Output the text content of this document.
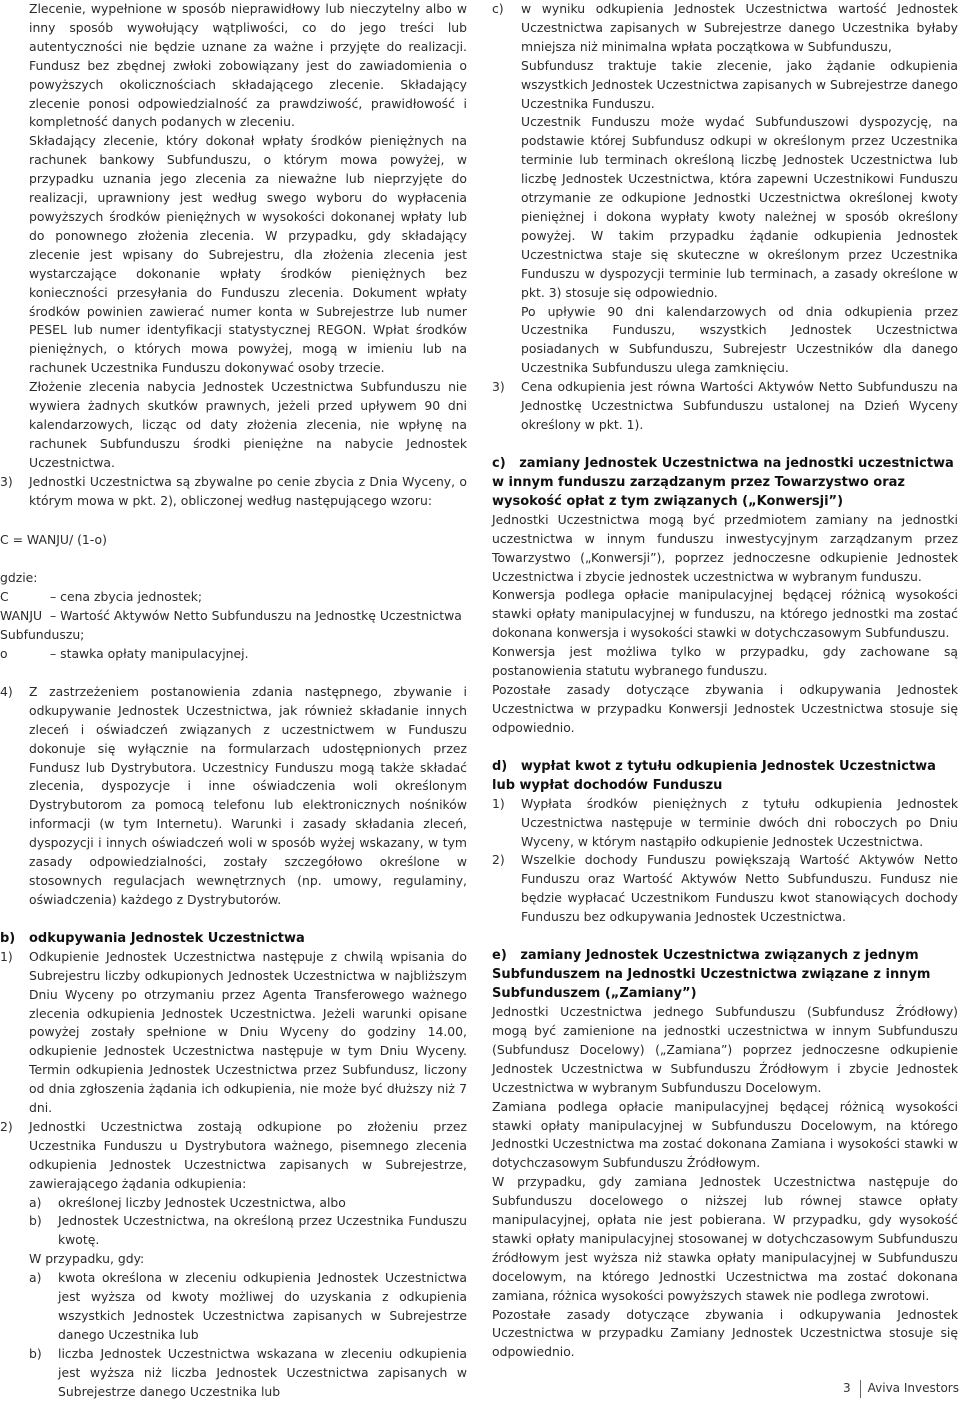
Zlecenie, wypełnione w sposób nieprawidłowy lub nieczytelny albo w inny sposób wywołujący wątpliwości, co do jego treści lub autentyczności nie będzie uznane za ważne i przyjęte do realizacji. Fundusz bez zbędnej zwłoki zobowiązany jest do zawiadomienia o powyższych okolicznościach składającego zlecenie. Składający zlecenie ponosi odpowiedzialność za prawdziwość, prawidłowość i kompletność danych podanych w zleceniu.

Składający zlecenie, który dokonał wpłaty środków pieniężnych na rachunek bankowy Subfunduszu, o którym mowa powyżej, w przypadku uznania jego zlecenia za nieważne lub nieprzyjęte do realizacji, uprawniony jest według swego wyboru do wypłacenia powyższych środków pieniężnych w wysokości dokonanej wpłaty lub do ponownego złożenia zlecenia. W przypadku, gdy składający zlecenie jest wpisany do Subrejestru, dla złożenia zlecenia jest wystarczające dokonanie wpłaty środków pieniężnych bez konieczności przesyłania do Funduszu zlecenia. Dokument wpłaty środków powinien zawierać numer konta w Subrejestrze lub numer PESEL lub numer identyfikacji statystycznej REGON. Wpłat środków pieniężnych, o których mowa powyżej, mogą w imieniu lub na rachunek Uczestnika Funduszu dokonywać osoby trzecie.

Złożenie zlecenia nabycia Jednostek Uczestnictwa Subfunduszu nie wywiera żadnych skutków prawnych, jeżeli przed upływem 90 dni kalendarzowych, licząc od daty złożenia zlecenia, nie wpłynę na rachunek Subfunduszu środki pieniężne na nabycie Jednostek Uczestnictwa.

3) Jednostki Uczestnictwa są zbywalne po cenie zbycia z Dnia Wyceny, o którym mowa w pkt. 2), obliczonej według następującego wzoru:

C = WANJU/ (1-o)

gdzie:

C	– cena zbycia jednostek;
WANJU – Wartość Aktywów Netto Subfunduszu na Jednostkę Uczestnictwa Subfunduszu;
o	– stawka opłaty manipulacyjnej.
4) Z zastrzeżeniem postanowienia zdania następnego, zbywanie i odkupywanie Jednostek Uczestnictwa, jak również składanie innych zleceń i oświadczeń związanych z uczestnictwem w Funduszu dokonuje się wyłącznie na formularzach udostępnionych przez Fundusz lub Dystrybutora. Uczestnicy Funduszu mogą także składać zlecenia, dyspozycje i inne oświadczenia woli określonym Dystrybutorom za pomocą telefonu lub elektronicznych nośników informacji (w tym Internetu). Warunki i zasady składania zleceń, dyspozycji i innych oświadczeń woli w sposób wyżej wskazany, w tym zasady odpowiedzialności, zostały szczegółowo określone w stosownych regulacjach wewnętrznych (np. umowy, regulaminy, oświadczenia) każdego z Dystrybutorów.
b) odkupywania Jednostek Uczestnictwa
1) Odkupienie Jednostek Uczestnictwa następuje z chwilą wpisania do Subrejestru liczby odkupionych Jednostek Uczestnictwa w najbliższym Dniu Wyceny po otrzymaniu przez Agenta Transferowego ważnego zlecenia odkupienia Jednostek Uczestnictwa. Jeżeli warunki opisane powyżej zostały spełnione w Dniu Wyceny do godziny 14.00, odkupienie Jednostek Uczestnictwa następuje w tym Dniu Wyceny. Termin odkupienia Jednostek Uczestnictwa przez Subfundusz, liczony od dnia zgłoszenia żądania ich odkupienia, nie może być dłuższy niż 7 dni.
2) Jednostki Uczestnictwa zostają odkupione po złożeniu przez Uczestnika Funduszu u Dystrybutora ważnego, pisemnego zlecenia odkupienia Jednostek Uczestnictwa zapisanych w Subrejestrze, zawierającego żądania odkupienia:
a) określonej liczby Jednostek Uczestnictwa, albo
b) Jednostek Uczestnictwa, na określoną przez Uczestnika Funduszu kwotę.

W przypadku, gdy:

a) kwota określona w zleceniu odkupienia Jednostek Uczestnictwa jest wyższa od kwoty możliwej do uzyskania z odkupienia wszystkich Jednostek Uczestnictwa zapisanych w Subrejestrze danego Uczestnika lub
b) liczba Jednostek Uczestnictwa wskazana w zleceniu odkupienia jest wyższa niż liczba Jednostek Uczestnictwa zapisanych w Subrejestrze danego Uczestnika lub
c) w wyniku odkupienia Jednostek Uczestnictwa wartość Jednostek Uczestnictwa zapisanych w Subrejestrze danego Uczestnika byłaby mniejsza niż minimalna wpłata początkowa w Subfunduszu,

Subfundusz traktuje takie zlecenie, jako żądanie odkupienia wszystkich Jednostek Uczestnictwa zapisanych w Subrejestrze danego Uczestnika Funduszu.

Uczestnik Funduszu może wydać Subfunduszowi dyspozycję, na podstawie której Subfundusz odkupi w określonym przez Uczestnika terminie lub terminach określoną liczbę Jednostek Uczestnictwa lub liczbę Jednostek Uczestnictwa, która zapewni Uczestnikowi Funduszu otrzymanie ze odkupione Jednostki Uczestnictwa określonej kwoty pieniężnej i dokona wypłaty kwoty należnej w sposób określony powyżej. W takim przypadku żądanie odkupienia Jednostek Uczestnictwa staje się skuteczne w określonym przez Uczestnika Funduszu w dyspozycji terminie lub terminach, a zasady określone w pkt. 3) stosuje się odpowiednio.

Po upływie 90 dni kalendarzowych od dnia odkupienia przez Uczestnika Funduszu, wszystkich Jednostek Uczestnictwa posiadanych w Subfunduszu, Subrejestr Uczestników dla danego Uczestnika Subfunduszu ulega zamknięciu.

3) Cena odkupienia jest równa Wartości Aktywów Netto Subfunduszu na Jednostkę Uczestnictwa Subfunduszu ustalonej na Dzień Wyceny określony w pkt. 1).
c) zamiany Jednostek Uczestnictwa na jednostki uczestnictwa w innym funduszu zarządzanym przez Towarzystwo oraz wysokość opłat z tym związanych („Konwersji”)

Jednostki Uczestnictwa mogą być przedmiotem zamiany na jednostki uczestnictwa w innym funduszu inwestycyjnym zarządzanym przez Towarzystwo („Konwersji”), poprzez jednoczesne odkupienie Jednostek Uczestnictwa i zbycie jednostek uczestnictwa w wybranym funduszu.

Konwersja podlega opłacie manipulacyjnej będącej różnicą wysokości stawki opłaty manipulacyjnej w funduszu, na którego jednostki ma zostać dokonana konwersja i wysokości stawki w dotychczasowym Subfunduszu.

Konwersja jest możliwa tylko w przypadku, gdy zachowane są postanowienia statutu wybranego funduszu.

Pozostałe zasady dotyczące zbywania i odkupywania Jednostek Uczestnictwa w przypadku Konwersji Jednostek Uczestnictwa stosuje się odpowiednio.

d) wypłat kwot z tytułu odkupienia Jednostek Uczestnictwa lub wypłat dochodów Funduszu
1) Wypłata środków pieniężnych z tytułu odkupienia Jednostek Uczestnictwa następuje w terminie dwóch dni roboczych po Dniu Wyceny, w którym nastąpiło odkupienie Jednostek Uczestnictwa.
2) Wszelkie dochody Funduszu powiększają Wartość Aktywów Netto Funduszu oraz Wartość Aktywów Netto Subfunduszu. Fundusz nie będzie wypłacać Uczestnikom Funduszu kwot stanowiących dochody Funduszu bez odkupywania Jednostek Uczestnictwa.
e) zamiany Jednostek Uczestnictwa związanych z jednym Subfunduszem na Jednostki Uczestnictwa związane z innym Subfunduszem („Zamiany”)

Jednostki Uczestnictwa jednego Subfunduszu (Subfundusz Źródłowy) mogą być zamienione na jednostki uczestnictwa w innym Subfunduszu (Subfundusz Docelowy) („Zamiana”) poprzez jednoczesne odkupienie Jednostek Uczestnictwa w Subfunduszu Źródłowym i zbycie Jednostek Uczestnictwa w wybranym Subfunduszu Docelowym.

Zamiana podlega opłacie manipulacyjnej będącej różnicą wysokości stawki opłaty manipulacyjnej w Subfunduszu Docelowym, na którego Jednostki Uczestnictwa ma zostać dokonana Zamiana i wysokości stawki w dotychczasowym Subfunduszu Źródłowym.

W przypadku, gdy zamiana Jednostek Uczestnictwa następuje do Subfunduszu docelowego o niższej lub równej stawce opłaty manipulacyjnej, opłata nie jest pobierana. W przypadku, gdy wysokość stawki opłaty manipulacyjnej stosowanej w dotychczasowym Subfunduszu źródłowym jest wyższa niż stawka opłaty manipulacyjnej w Subfunduszu docelowym, na którego Jednostki Uczestnictwa ma zostać dokonana zamiana, różnica wysokości powyższych stawek nie podlega zwrotowi.

Pozostałe zasady dotyczące zbywania i odkupywania Jednostek Uczestnictwa w przypadku Zamiany Jednostek Uczestnictwa stosuje się odpowiednio.

3 Aviva Investors
